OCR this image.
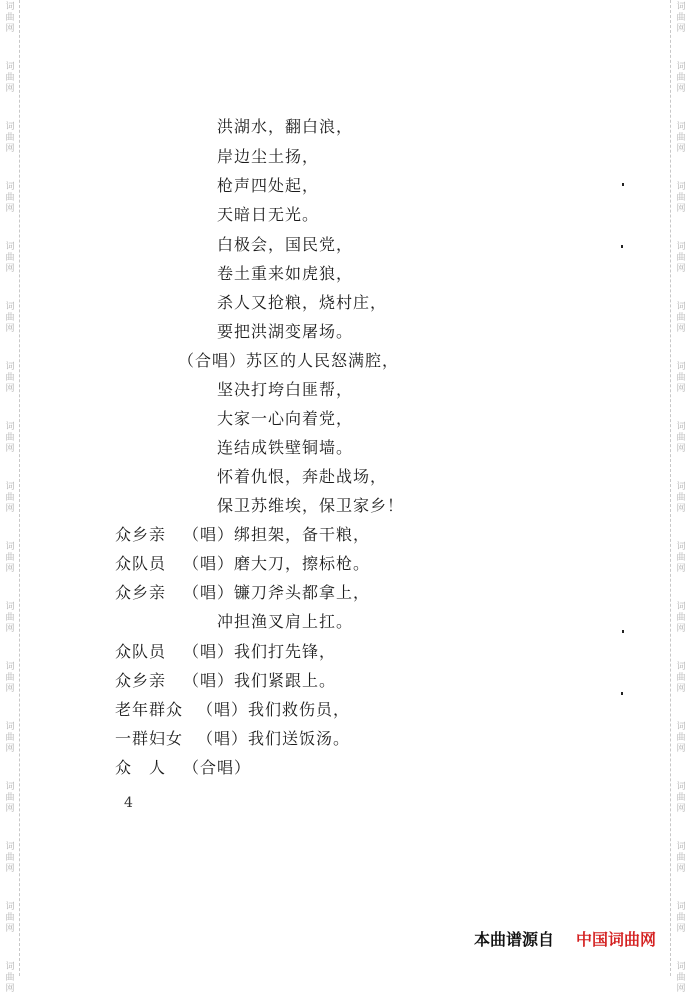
词
曲
网
词
曲
网
词
曲
网
词
曲
网
词
曲
网
词
曲
网
词
曲
网
词
曲
网
词
曲
网
词
曲
网
词
曲
网
词
曲
网
词
曲
网
词
曲
网
词
曲
网
词
曲
网
词
曲
网
词
曲
网
词
曲
网
词
曲
网
词
曲
网
词
曲
网
词
曲
网
词
曲
网
词
曲
网
词
曲
网
词
曲
网
词
曲
网
词
曲
网
词
曲
网
词
曲
网
词
曲
网
词
曲
网
词
曲
网
洪湖水，翻白浪，
岸边尘土扬，
枪声四处起，
天暗日无光。
白极会，国民党，
卷土重来如虎狼，
杀人又抢粮，烧村庄，
要把洪湖变屠场。
（合唱）苏区的人民怒满腔，
坚决打垮白匪帮，
大家一心向着党，
连结成铁壁铜墙。
怀着仇恨，奔赴战场，
保卫苏维埃，保卫家乡！
众乡亲 （唱）绑担架，备干粮，
众队员 （唱）磨大刀，擦标枪。
众乡亲 （唱）镰刀斧头都拿上，
冲担渔叉肩上扛。
众队员 （唱）我们打先锋，
众乡亲 （唱）我们紧跟上。
老年群众 （唱）我们救伤员，
一群妇女 （唱）我们送饭汤。
众　人 （合唱）
4
本曲谱源自 中国词曲网
